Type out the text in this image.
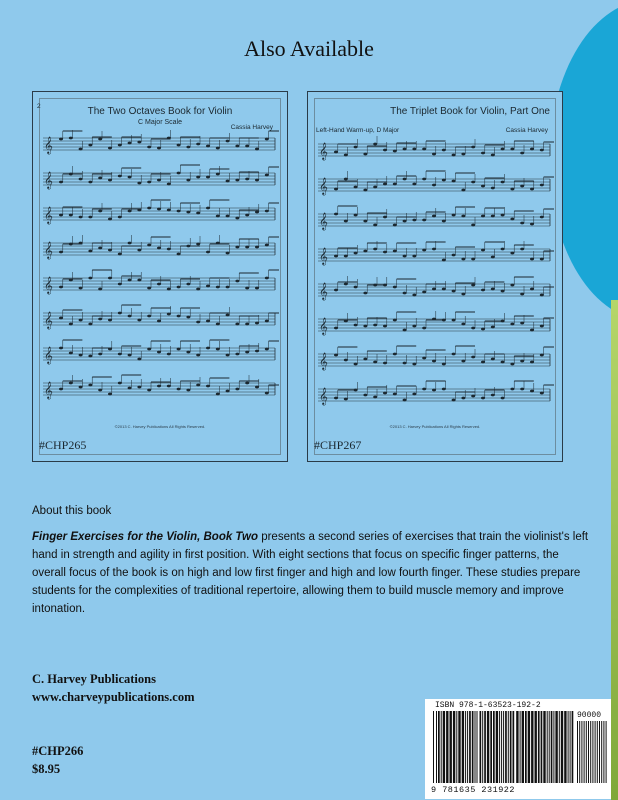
Also Available
2	The Two Octaves Book for Violin
C Major Scale
Cassia Harvey
𝄞
𝄞
𝄞
𝄞
𝄞
𝄞
𝄞
𝄞
©2013 C. Harvey Publications All Rights Reserved.
#CHP265
The Triplet Book for Violin, Part One
Left-Hand Warm-up, D Major	Cassia Harvey
𝄞
𝄞
𝄞
𝄞
𝄞
𝄞
𝄞
𝄞
©2013 C. Harvey Publications All Rights Reserved.
#CHP267
About this book

Finger Exercises for the Violin, Book Two presents a second series of exercises that train the violinist's left hand in strength and agility in first position. With eight sections that focus on specific finger patterns, the overall focus of the book is on high and low first finger and high and low fourth finger. These studies prepare students for the complexities of traditional repertoire, allowing them to build muscle memory and improve intonation.

C. Harvey Publications
www.charveypublications.com
#CHP266
$8.95
ISBN 978-1-63523-192-2
90000
9 781635 231922
